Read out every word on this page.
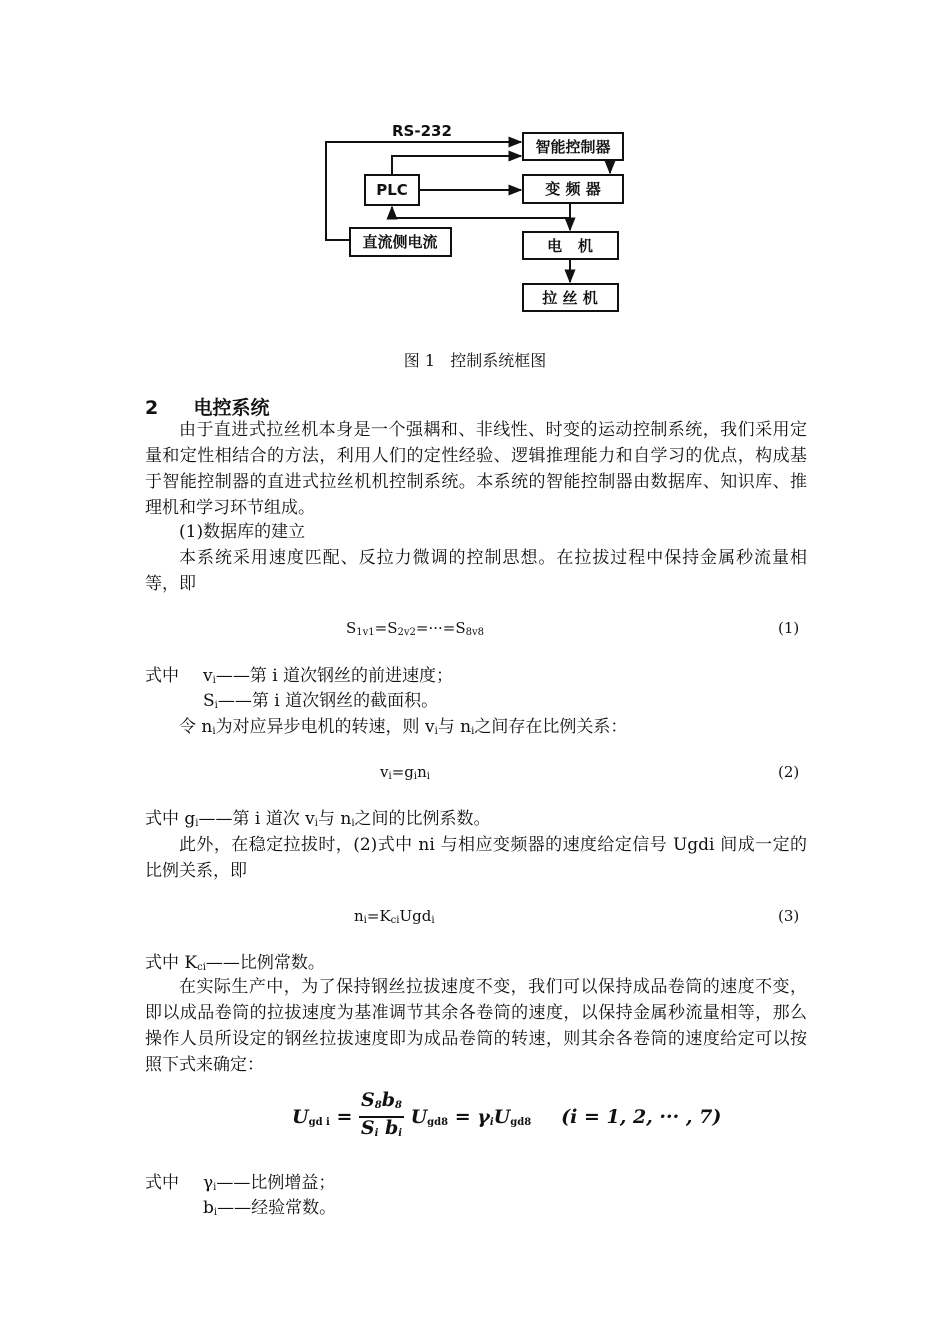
RS-232
智能控制器
PLC	变 频 器
直流侧电流	电   机
拉 丝 机
图 1   控制系统框图
2 电控系统
由于直进式拉丝机本身是一个强耦和、非线性、时变的运动控制系统，我们采用定量和定性相结合的方法，利用人们的定性经验、逻辑推理能力和自学习的优点，构成基于智能控制器的直进式拉丝机机控制系统。本系统的智能控制器由数据库、知识库、推理机和学习环节组成。
(1)数据库的建立
本系统采用速度匹配、反拉力微调的控制思想。在拉拔过程中保持金属秒流量相等，即
$S_{1v1}=S_{2v2}=\cdot\cdot\cdot=S_{8v8}$	(1)
式中 $v_i——$第 i 道次钢丝的前进速度；
$S_i——$第 i 道次钢丝的截面积。
令 $n_i$为对应异步电机的转速，则 $v_i$与 $n_i$之间存在比例关系：
$v_i=g_in_i$	(2)
式中 $g_i——$第 i 道次 $v_i$与 $n_i$之间的比例系数。
此外，在稳定拉拔时，(2)式中 ni 与相应变频器的速度给定信号 Ugdi 间成一定的比例关系，即
$n_i=K_{ci}Ugd_i$	(3)
式中 $K_{ci}——$比例常数。
在实际生产中，为了保持钢丝拉拔速度不变，我们可以保持成品卷筒的速度不变，即以成品卷筒的拉拔速度为基准调节其余各卷筒的速度，以保持金属秒流量相等，那么操作人员所设定的钢丝拉拔速度即为成品卷筒的转速，则其余各卷筒的速度给定可以按照下式来确定：
$U_{gd i} = \frac{S_8b_8}{S_i b_i} U_{gd8} = \gamma_iU_{gd8}$ (i = 1, 2, ··· , 7)
式中 $\gamma_i——$比例增益；
$b_i——$经验常数。
